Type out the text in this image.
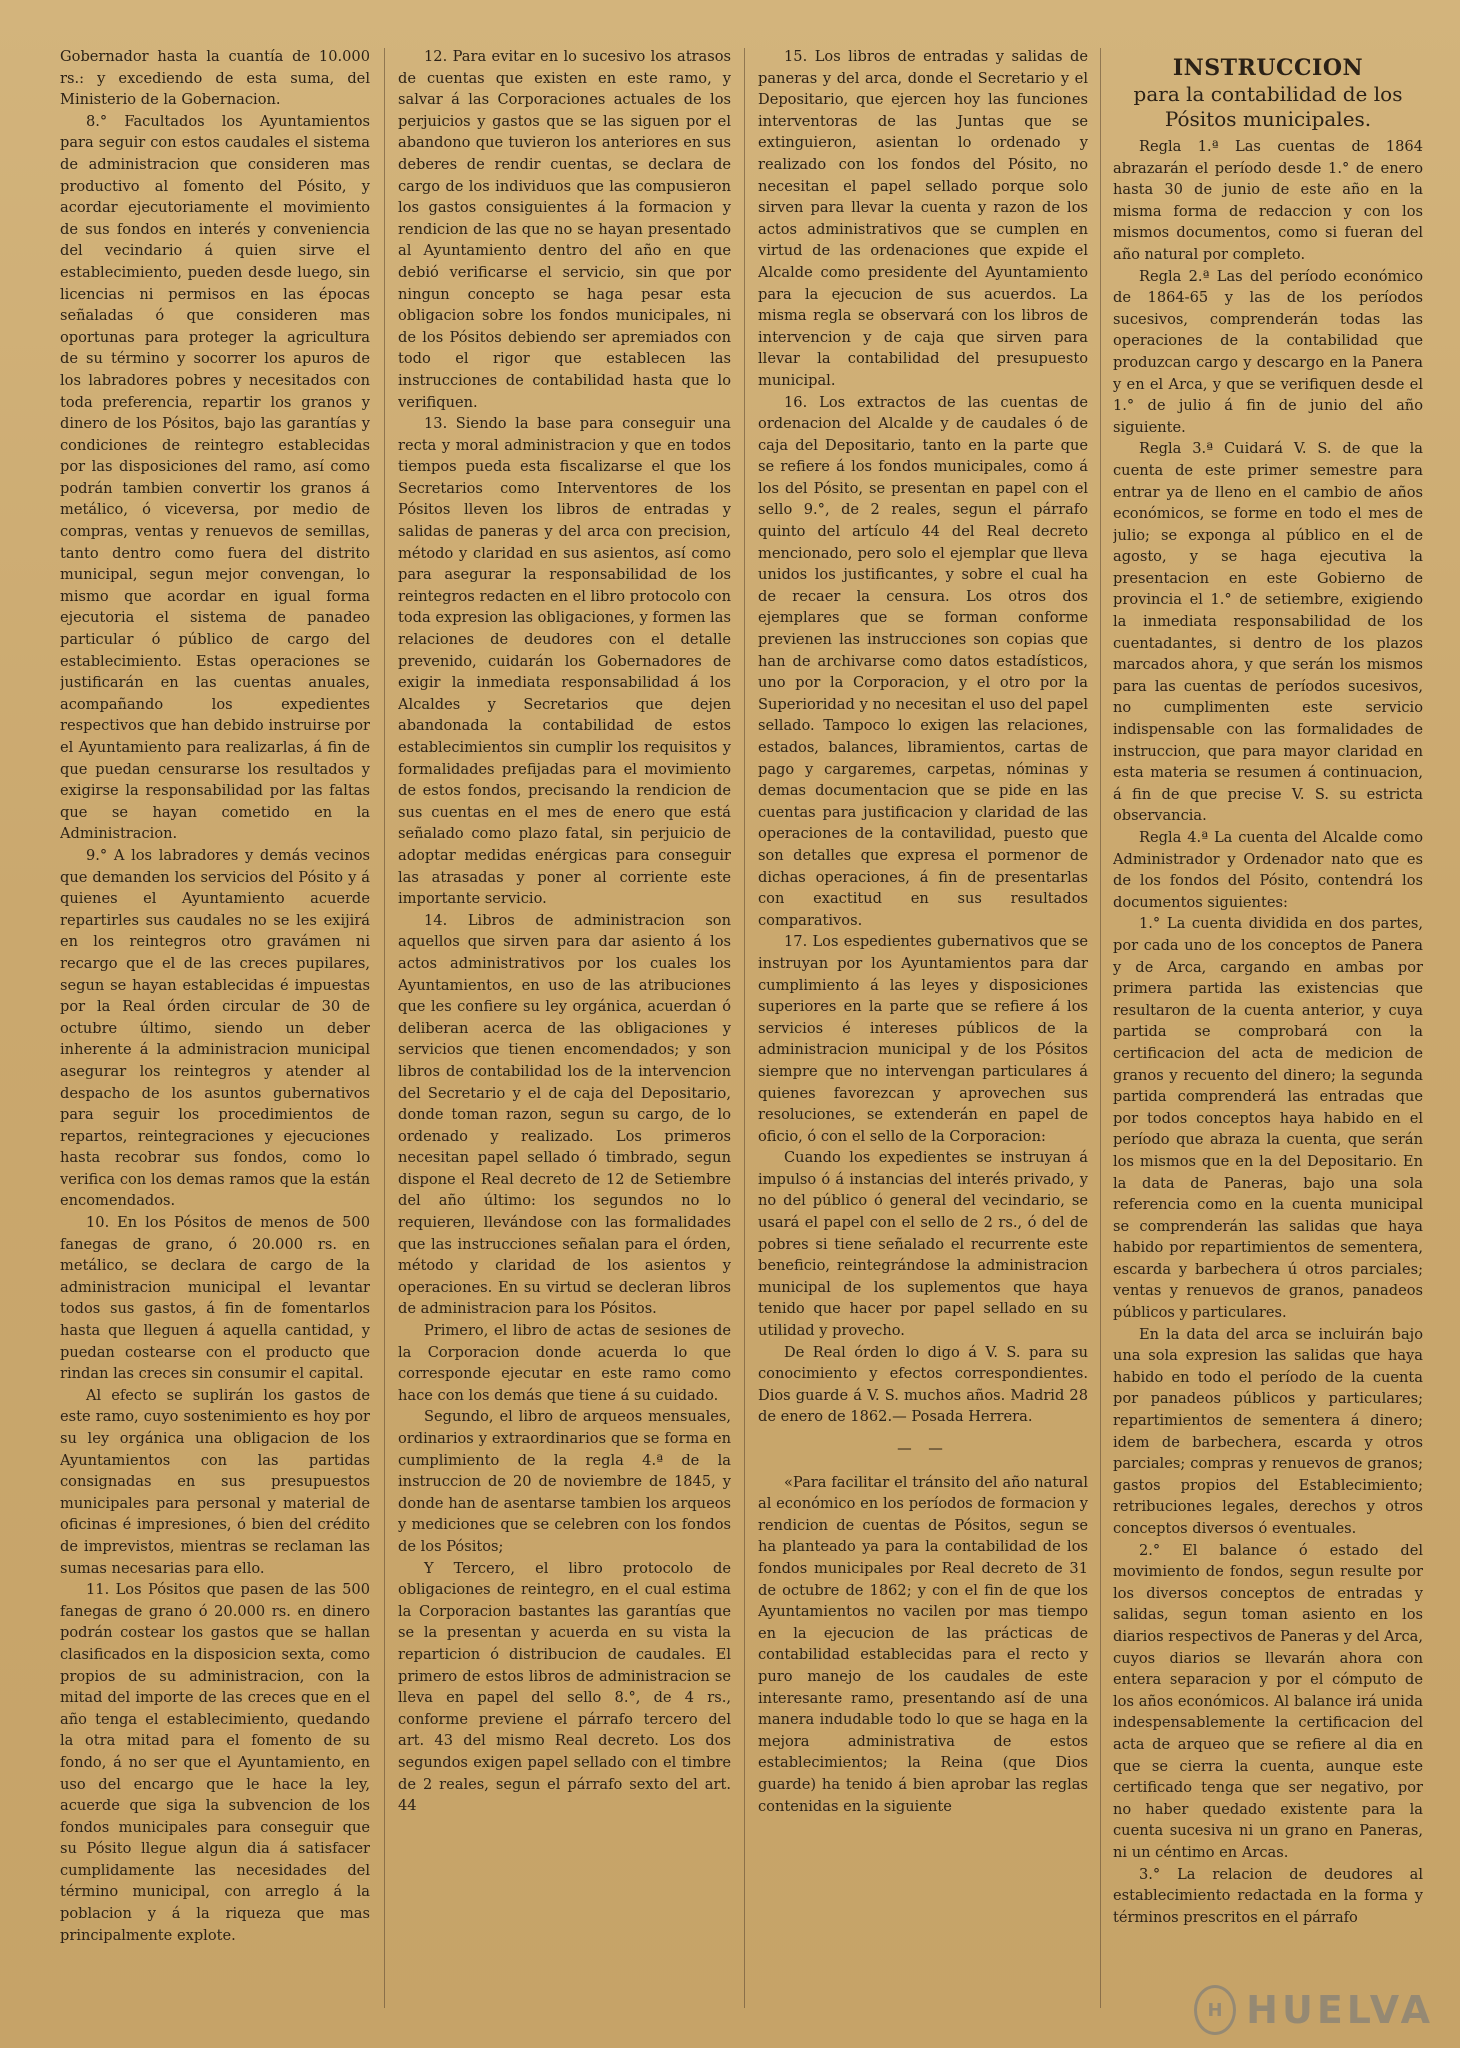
Gobernador hasta la cuantía de 10.000 rs.: y excediendo de esta suma, del Ministerio de la Gobernacion.

8.° Facultados los Ayuntamientos para seguir con estos caudales el sistema de administracion que consideren mas productivo al fomento del Pósito, y acordar ejecutoriamente el movimiento de sus fondos en interés y conveniencia del vecindario á quien sirve el establecimiento, pueden desde luego, sin licencias ni permisos en las épocas señaladas ó que consideren mas oportunas para proteger la agricultura de su término y socorrer los apuros de los labradores pobres y necesitados con toda preferencia, repartir los granos y dinero de los Pósitos, bajo las garantías y condiciones de reintegro establecidas por las disposiciones del ramo, así como podrán tambien convertir los granos á metálico, ó viceversa, por medio de compras, ventas y renuevos de semillas, tanto dentro como fuera del distrito municipal, segun mejor convengan, lo mismo que acordar en igual forma ejecutoria el sistema de panadeo particular ó público de cargo del establecimiento. Estas operaciones se justificarán en las cuentas anuales, acompañando los expedientes respectivos que han debido instruirse por el Ayuntamiento para realizarlas, á fin de que puedan censurarse los resultados y exigirse la responsabilidad por las faltas que se hayan cometido en la Administracion.

9.° A los labradores y demás vecinos que demanden los servicios del Pósito y á quienes el Ayuntamiento acuerde repartirles sus caudales no se les exijirá en los reintegros otro gravámen ni recargo que el de las creces pupilares, segun se hayan establecidas é impuestas por la Real órden circular de 30 de octubre último, siendo un deber inherente á la administracion municipal asegurar los reintegros y atender al despacho de los asuntos gubernativos para seguir los procedimientos de repartos, reintegraciones y ejecuciones hasta recobrar sus fondos, como lo verifica con los demas ramos que la están encomendados.

10. En los Pósitos de menos de 500 fanegas de grano, ó 20.000 rs. en metálico, se declara de cargo de la administracion municipal el levantar todos sus gastos, á fin de fomentarlos hasta que lleguen á aquella cantidad, y puedan costearse con el producto que rindan las creces sin consumir el capital.

Al efecto se suplirán los gastos de este ramo, cuyo sostenimiento es hoy por su ley orgánica una obligacion de los Ayuntamientos con las partidas consignadas en sus presupuestos municipales para personal y material de oficinas é impresiones, ó bien del crédito de imprevistos, mientras se reclaman las sumas necesarias para ello.

11. Los Pósitos que pasen de las 500 fanegas de grano ó 20.000 rs. en dinero podrán costear los gastos que se hallan clasificados en la disposicion sexta, como propios de su administracion, con la mitad del importe de las creces que en el año tenga el establecimiento, quedando la otra mitad para el fomento de su fondo, á no ser que el Ayuntamiento, en uso del encargo que le hace la ley, acuerde que siga la subvencion de los fondos municipales para conseguir que su Pósito llegue algun dia á satisfacer cumplidamente las necesidades del término municipal, con arreglo á la poblacion y á la riqueza que mas principalmente explote.

12. Para evitar en lo sucesivo los atrasos de cuentas que existen en este ramo, y salvar á las Corporaciones actuales de los perjuicios y gastos que se las siguen por el abandono que tuvieron los anteriores en sus deberes de rendir cuentas, se declara de cargo de los individuos que las compusieron los gastos consiguientes á la formacion y rendicion de las que no se hayan presentado al Ayuntamiento dentro del año en que debió verificarse el servicio, sin que por ningun concepto se haga pesar esta obligacion sobre los fondos municipales, ni de los Pósitos debiendo ser apremiados con todo el rigor que establecen las instrucciones de contabilidad hasta que lo verifiquen.

13. Siendo la base para conseguir una recta y moral administracion y que en todos tiempos pueda esta fiscalizarse el que los Secretarios como Interventores de los Pósitos lleven los libros de entradas y salidas de paneras y del arca con precision, método y claridad en sus asientos, así como para asegurar la responsabilidad de los reintegros redacten en el libro protocolo con toda expresion las obligaciones, y formen las relaciones de deudores con el detalle prevenido, cuidarán los Gobernadores de exigir la inmediata responsabilidad á los Alcaldes y Secretarios que dejen abandonada la contabilidad de estos establecimientos sin cumplir los requisitos y formalidades prefijadas para el movimiento de estos fondos, precisando la rendicion de sus cuentas en el mes de enero que está señalado como plazo fatal, sin perjuicio de adoptar medidas enérgicas para conseguir las atrasadas y poner al corriente este importante servicio.

14. Libros de administracion son aquellos que sirven para dar asiento á los actos administrativos por los cuales los Ayuntamientos, en uso de las atribuciones que les confiere su ley orgánica, acuerdan ó deliberan acerca de las obligaciones y servicios que tienen encomendados; y son libros de contabilidad los de la intervencion del Secretario y el de caja del Depositario, donde toman razon, segun su cargo, de lo ordenado y realizado. Los primeros necesitan papel sellado ó timbrado, segun dispone el Real decreto de 12 de Setiembre del año último: los segundos no lo requieren, llevándose con las formalidades que las instrucciones señalan para el órden, método y claridad de los asientos y operaciones. En su virtud se decleran libros de administracion para los Pósitos.

Primero, el libro de actas de sesiones de la Corporacion donde acuerda lo que corresponde ejecutar en este ramo como hace con los demás que tiene á su cuidado.

Segundo, el libro de arqueos mensuales, ordinarios y extraordinarios que se forma en cumplimiento de la regla 4.ª de la instruccion de 20 de noviembre de 1845, y donde han de asentarse tambien los arqueos y mediciones que se celebren con los fondos de los Pósitos;

Y Tercero, el libro protocolo de obligaciones de reintegro, en el cual estima la Corporacion bastantes las garantías que se la presentan y acuerda en su vista la reparticion ó distribucion de caudales. El primero de estos libros de administracion se lleva en papel del sello 8.°, de 4 rs., conforme previene el párrafo tercero del art. 43 del mismo Real decreto. Los dos segundos exigen papel sellado con el timbre de 2 reales, segun el párrafo sexto del art. 44

15. Los libros de entradas y salidas de paneras y del arca, donde el Secretario y el Depositario, que ejercen hoy las funciones interventoras de las Juntas que se extinguieron, asientan lo ordenado y realizado con los fondos del Pósito, no necesitan el papel sellado porque solo sirven para llevar la cuenta y razon de los actos administrativos que se cumplen en virtud de las ordenaciones que expide el Alcalde como presidente del Ayuntamiento para la ejecucion de sus acuerdos. La misma regla se observará con los libros de intervencion y de caja que sirven para llevar la contabilidad del presupuesto municipal.

16. Los extractos de las cuentas de ordenacion del Alcalde y de caudales ó de caja del Depositario, tanto en la parte que se refiere á los fondos municipales, como á los del Pósito, se presentan en papel con el sello 9.°, de 2 reales, segun el párrafo quinto del artículo 44 del Real decreto mencionado, pero solo el ejemplar que lleva unidos los justificantes, y sobre el cual ha de recaer la censura. Los otros dos ejemplares que se forman conforme previenen las instrucciones son copias que han de archivarse como datos estadísticos, uno por la Corporacion, y el otro por la Superioridad y no necesitan el uso del papel sellado. Tampoco lo exigen las relaciones, estados, balances, libramientos, cartas de pago y cargaremes, carpetas, nóminas y demas documentacion que se pide en las cuentas para justificacion y claridad de las operaciones de la contavilidad, puesto que son detalles que expresa el pormenor de dichas operaciones, á fin de presentarlas con exactitud en sus resultados comparativos.

17. Los espedientes gubernativos que se instruyan por los Ayuntamientos para dar cumplimiento á las leyes y disposiciones superiores en la parte que se refiere á los servicios é intereses públicos de la administracion municipal y de los Pósitos siempre que no intervengan particulares á quienes favorezcan y aprovechen sus resoluciones, se extenderán en papel de oficio, ó con el sello de la Corporacion:

Cuando los expedientes se instruyan á impulso ó á instancias del interés privado, y no del público ó general del vecindario, se usará el papel con el sello de 2 rs., ó del de pobres si tiene señalado el recurrente este beneficio, reintegrándose la administracion municipal de los suplementos que haya tenido que hacer por papel sellado en su utilidad y provecho.

De Real órden lo digo á V. S. para su conocimiento y efectos correspondientes. Dios guarde á V. S. muchos años. Madrid 28 de enero de 1862.— Posada Herrera.

— —

«Para facilitar el tránsito del año natural al económico en los períodos de formacion y rendicion de cuentas de Pósitos, segun se ha planteado ya para la contabilidad de los fondos municipales por Real decreto de 31 de octubre de 1862; y con el fin de que los Ayuntamientos no vacilen por mas tiempo en la ejecucion de las prácticas de contabilidad establecidas para el recto y puro manejo de los caudales de este interesante ramo, presentando así de una manera indudable todo lo que se haga en la mejora administrativa de estos establecimientos; la Reina (que Dios guarde) ha tenido á bien aprobar las reglas contenidas en la siguiente

INSTRUCCION

para la contabilidad de los Pósitos municipales.

Regla 1.ª Las cuentas de 1864 abrazarán el período desde 1.° de enero hasta 30 de junio de este año en la misma forma de redaccion y con los mismos documentos, como si fueran del año natural por completo.

Regla 2.ª Las del período económico de 1864-65 y las de los períodos sucesivos, comprenderán todas las operaciones de la contabilidad que produzcan cargo y descargo en la Panera y en el Arca, y que se verifiquen desde el 1.° de julio á fin de junio del año siguiente.

Regla 3.ª Cuidará V. S. de que la cuenta de este primer semestre para entrar ya de lleno en el cambio de años económicos, se forme en todo el mes de julio; se exponga al público en el de agosto, y se haga ejecutiva la presentacion en este Gobierno de provincia el 1.° de setiembre, exigiendo la inmediata responsabilidad de los cuentadantes, si dentro de los plazos marcados ahora, y que serán los mismos para las cuentas de períodos sucesivos, no cumplimenten este servicio indispensable con las formalidades de instruccion, que para mayor claridad en esta materia se resumen á continuacion, á fin de que precise V. S. su estricta observancia.

Regla 4.ª La cuenta del Alcalde como Administrador y Ordenador nato que es de los fondos del Pósito, contendrá los documentos siguientes:

1.° La cuenta dividida en dos partes, por cada uno de los conceptos de Panera y de Arca, cargando en ambas por primera partida las existencias que resultaron de la cuenta anterior, y cuya partida se comprobará con la certificacion del acta de medicion de granos y recuento del dinero; la segunda partida comprenderá las entradas que por todos conceptos haya habido en el período que abraza la cuenta, que serán los mismos que en la del Depositario. En la data de Paneras, bajo una sola referencia como en la cuenta municipal se comprenderán las salidas que haya habido por repartimientos de sementera, escarda y barbechera ú otros parciales; ventas y renuevos de granos, panadeos públicos y particulares.

En la data del arca se incluirán bajo una sola expresion las salidas que haya habido en todo el período de la cuenta por panadeos públicos y particulares; repartimientos de sementera á dinero; idem de barbechera, escarda y otros parciales; compras y renuevos de granos; gastos propios del Establecimiento; retribuciones legales, derechos y otros conceptos diversos ó eventuales.

2.° El balance ó estado del movimiento de fondos, segun resulte por los diversos conceptos de entradas y salidas, segun toman asiento en los diarios respectivos de Paneras y del Arca, cuyos diarios se llevarán ahora con entera separacion y por el cómputo de los años económicos. Al balance irá unida indespensablemente la certificacion del acta de arqueo que se refiere al dia en que se cierra la cuenta, aunque este certificado tenga que ser negativo, por no haber quedado existente para la cuenta sucesiva ni un grano en Paneras, ni un céntimo en Arcas.

3.° La relacion de deudores al establecimiento redactada en la forma y términos prescritos en el párrafo

H HUELVA
